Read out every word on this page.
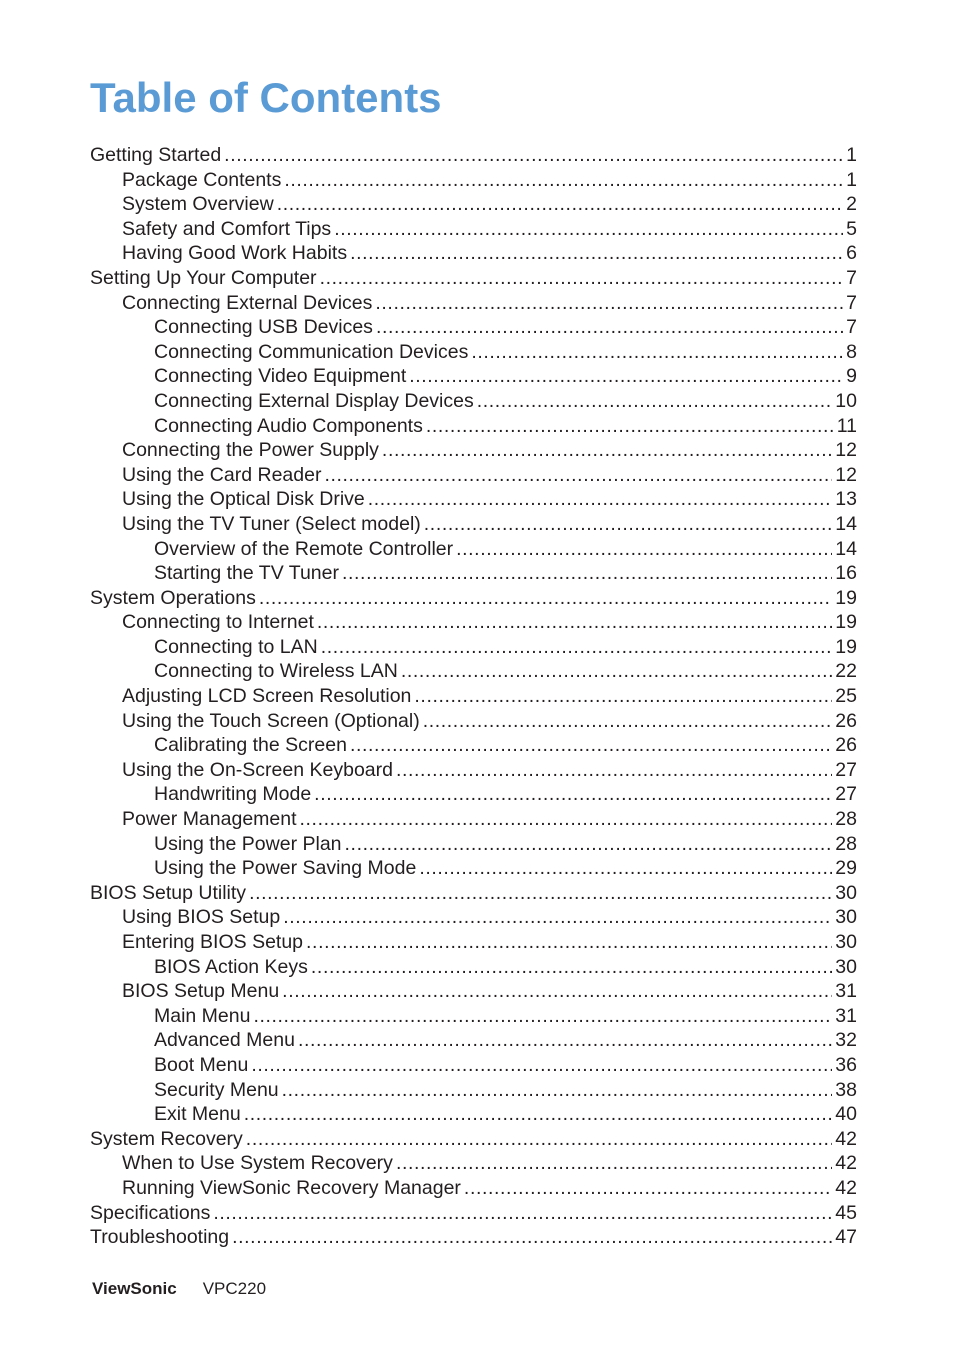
Table of Contents
Getting Started .....	1
Package Contents .....	1
System Overview .....	2
Safety and Comfort Tips .....	5
Having Good Work Habits .....	6
Setting Up Your Computer .....	7
Connecting External Devices .....	7
Connecting USB Devices .....	7
Connecting Communication Devices .....	8
Connecting Video Equipment .....	9
Connecting External Display Devices .....	10
Connecting Audio Components .....	11
Connecting the Power Supply .....	12
Using the Card Reader .....	12
Using the Optical Disk Drive .....	13
Using the TV Tuner (Select model) .....	14
Overview of the Remote Controller .....	14
Starting the TV Tuner .....	16
System Operations .....	19
Connecting to Internet .....	19
Connecting to LAN .....	19
Connecting to Wireless LAN .....	22
Adjusting LCD Screen Resolution .....	25
Using the Touch Screen (Optional) .....	26
Calibrating the Screen .....	26
Using the On-Screen Keyboard .....	27
Handwriting Mode .....	27
Power Management .....	28
Using the Power Plan .....	28
Using the Power Saving Mode .....	29
BIOS Setup Utility .....	30
Using BIOS Setup .....	30
Entering BIOS Setup .....	30
BIOS Action Keys .....	30
BIOS Setup Menu .....	31
Main Menu .....	31
Advanced Menu .....	32
Boot Menu .....	36
Security Menu .....	38
Exit Menu .....	40
System Recovery .....	42
When to Use System Recovery .....	42
Running ViewSonic Recovery Manager .....	42
Specifications .....	45
Troubleshooting .....	47
ViewSonic VPC220
